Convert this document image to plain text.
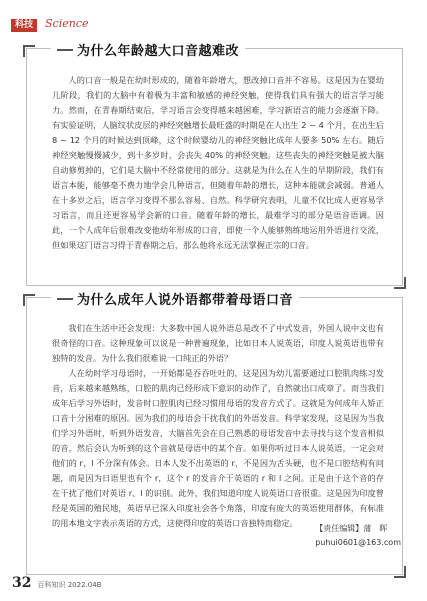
科技	Science
为什么年龄越大口音越难改

人的口音一般是在幼时形成的，随着年龄增大，想改掉口音并不容易。这是因为在婴幼儿阶段，我们的大脑中有着极为丰富和敏感的神经突触，使得我们具有强大的语言学习能力。然而，在青春期结束后，学习语言会变得越来越困难，学习新语言的能力会逐渐下降。有实验证明，人脑纹状皮层的神经突触增长最旺盛的时期是在人出生 2 ~ 4 个月，在出生后 8 ~ 12 个月的时候达到顶峰，这个时候婴幼儿的神经突触比成年人要多 50% 左右。随后神经突触慢慢减少，到十多岁时，会丧失 40% 的神经突触。这些丧失的神经突触是被大脑自动修剪掉的，它们是大脑中不经常使用的部分。这就是为什么在人生的早期阶段，我们有语言本能，能够毫不费力地学会几种语言，但随着年龄的增长，这种本能就会减弱。普通人在十多岁之后，语言学习变得不那么容易、自然。科学研究表明，儿童不仅比成人更容易学习语言，而且还更容易学会新的口音。随着年龄的增长，最难学习的部分是语音语调。因此，一个人成年后很难改变他幼年形成的口音，即使一个人能够熟练地运用外语进行交流，但如果这门语言习得于青春期之后，那么他将永远无法掌握正宗的口音。

为什么成年人说外语都带着母语口音

我们在生活中还会发现：大多数中国人说外语总是改不了中式发音，外国人说中文也有很奇怪的口音。这种现象可以说是一种普遍现象，比如日本人说英语，印度人说英语也带有独特的发音。为什么我们很难说一口纯正的外语？

人在幼时学习母语时，一开始都是吞吞吐吐的，这是因为幼儿需要通过口腔肌肉练习发音，后来越来越熟练，口腔的肌肉已经形成下意识的动作了，自然就出口成章了。而当我们成年后学习外语时，发音时口腔肌肉已经习惯用母语的发音方式了。这就是为何成年人矫正口音十分困难的原因。因为我们的母语会干扰我们的外语发音。科学家发现，这是因为当我们学习外语时，听到外语发音，大脑首先会在自己熟悉的母语发音中去寻找与这个发音相似的音，然后会认为听到的这个音就是母语中的某个音。如果你听过日本人说英语，一定会对他们的 r、l 不分深有体会。日本人发不出英语的 r，不是因为舌头硬，也不是口腔结构有问题，而是因为日语里也有个 r，这个 r 的发音介于英语的 r 和 l 之间。正是由于这个音的存在干扰了他们对英语 r、l 的识别。此外，我们知道印度人说英语口音很重。这是因为印度曾经是英国的殖民地，英语早已深入印度社会各个角落，印度有庞大的英语使用群体，有标准的用本地文字表示英语的方式，这使得印度的英语口音独特而稳定。

【责任编辑】蒲　晖
puhui0601@163.com
32 百科知识 2022.04B
